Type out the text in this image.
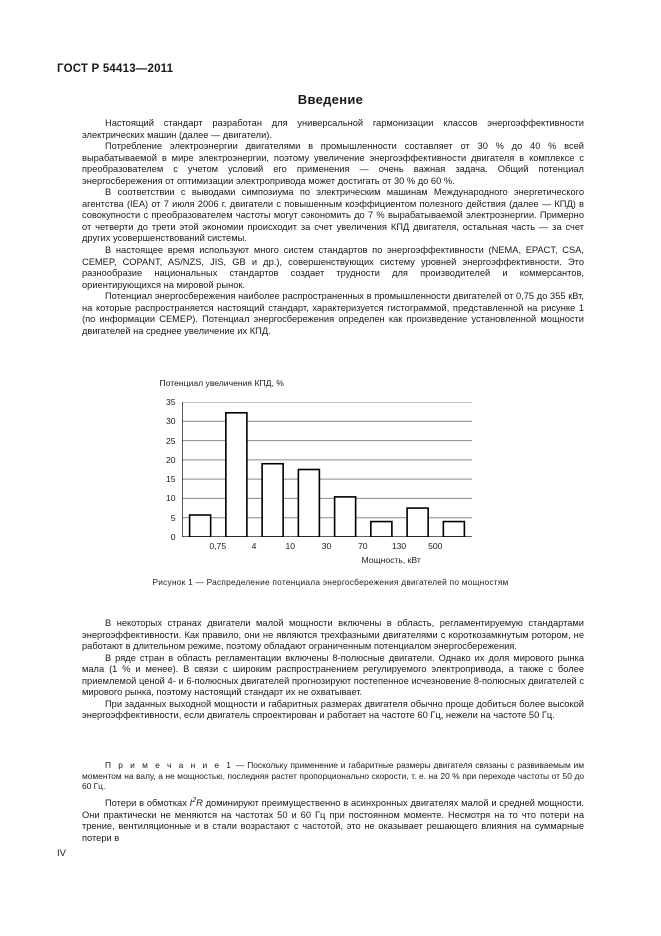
ГОСТ Р 54413—2011
Введение

Настоящий стандарт разработан для универсальной гармонизации классов энергоэффективности электрических машин (далее — двигатели).

Потребление электроэнергии двигателями в промышленности составляет от 30 % до 40 % всей вырабатываемой в мире электроэнергии, поэтому увеличение энергоэффективности двигателя в комплексе с преобразователем с учетом условий его применения — очень важная задача. Общий потенциал энергосбережения от оптимизации электропривода может достигать от 30 % до 60 %.

В соответствии с выводами симпозиума по электрическим машинам Международного энергетического агентства (IEA) от 7 июля 2006 г. двигатели с повышенным коэффициентом полезного действия (далее — КПД) в совокупности с преобразователем частоты могут сэкономить до 7 % вырабатываемой электроэнергии. Примерно от четверти до трети этой экономии происходит за счет увеличения КПД двигателя, остальная часть — за счет других усовершенствований системы.

В настоящее время используют много систем стандартов по энергоэффективности (NEMA, EPACT, CSA, CEMEP, COPANT, AS/NZS, JIS, GB и др.), совершенствующих систему уровней энергоэффективности. Это разнообразие национальных стандартов создает трудности для производителей и коммерсантов, ориентирующихся на мировой рынок.

Потенциал энергосбережения наиболее распространенных в промышленности двигателей от 0,75 до 355 кВт, на которые распространяется настоящий стандарт, характеризуется гистограммой, представленной на рисунке 1 (по информации CEMEP). Потенциал энергосбережения определен как произведение установленной мощности двигателей на среднее увеличение их КПД.

Потенциал увеличения КПД, %
0
5
10
15
20
25
30
35
0,75	4	10	30	70	130	500
Мощность, кВт
Рисунок 1 — Распределение потенциала энергосбережения двигателей по мощностям

В некоторых странах двигатели малой мощности включены в область, регламентируемую стандартами энергоэффективности. Как правило, они не являются трехфазными двигателями с короткозамкнутым ротором, не работают в длительном режиме, поэтому обладают ограниченным потенциалом энергосбережения.

В ряде стран в область регламентации включены 8-полюсные двигатели. Однако их доля мирового рынка мала (1 % и менее). В связи с широким распространением регулируемого электропривода, а также с более приемлемой ценой 4- и 6-полюсных двигателей прогнозируют постепенное исчезновение 8-полюсных двигателей с мирового рынка, поэтому настоящий стандарт их не охватывает.

При заданных выходной мощности и габаритных размерах двигателя обычно проще добиться более высокой энергоэффективности, если двигатель спроектирован и работает на частоте 60 Гц, нежели на частоте 50 Гц.

П р и м е ч а н и е 1 — Поскольку применение и габаритные размеры двигателя связаны с развиваемым им моментом на валу, а не мощностью, последняя растет пропорционально скорости, т. е. на 20 % при переходе частоты от 50 до 60 Гц.

Потери в обмотках $I^2R$ доминируют преимущественно в асинхронных двигателях малой и средней мощности. Они практически не меняются на частотах 50 и 60 Гц при постоянном моменте. Несмотря на то что потери на трение, вентиляционные и в стали возрастают с частотой, это не оказывает решающего влияния на суммарные потери в

IV
